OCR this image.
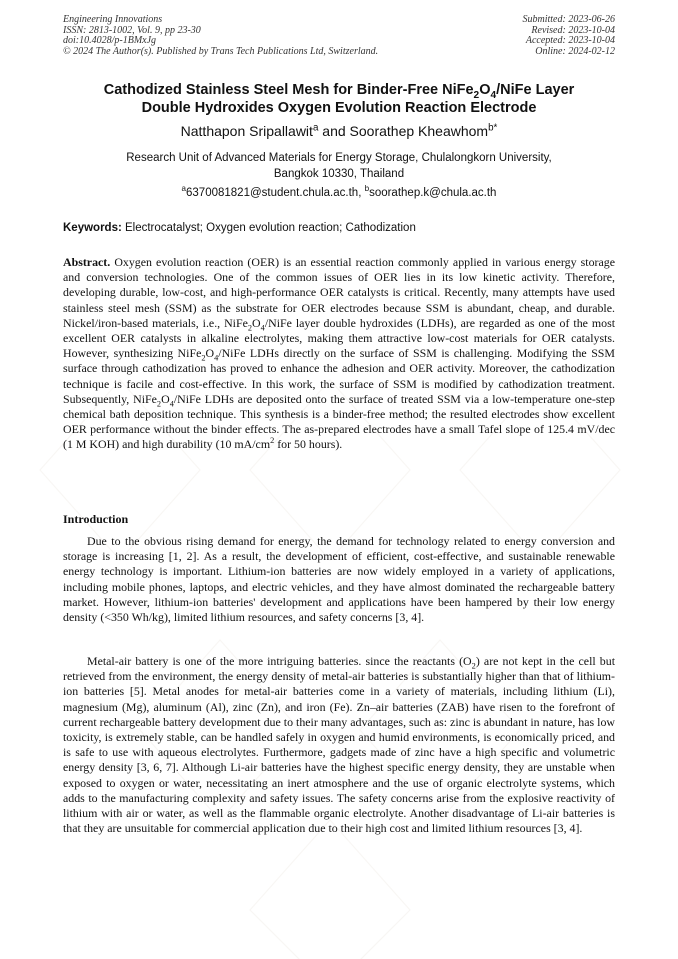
Engineering Innovations
ISSN: 2813-1002, Vol. 9, pp 23-30
doi:10.4028/p-1BMxJg
© 2024 The Author(s). Published by Trans Tech Publications Ltd, Switzerland.
Submitted: 2023-06-26
Revised: 2023-10-04
Accepted: 2023-10-04
Online: 2024-02-12
Cathodized Stainless Steel Mesh for Binder-Free $NiFe_2O_4$/NiFe Layer
Double Hydroxides Oxygen Evolution Reaction Electrode
Natthapon Sripallawit$^a$ and Soorathep Kheawhom$^{b*}$
Research Unit of Advanced Materials for Energy Storage, Chulalongkorn University,
Bangkok 10330, Thailand
$^a$6370081821@student.chula.ac.th, $^b$soorathep.k@chula.ac.th
Keywords: Electrocatalyst; Oxygen evolution reaction; Cathodization
Abstract. Oxygen evolution reaction (OER) is an essential reaction commonly applied in various energy storage and conversion technologies. One of the common issues of OER lies in its low kinetic activity. Therefore, developing durable, low-cost, and high-performance OER catalysts is critical. Recently, many attempts have used stainless steel mesh (SSM) as the substrate for OER electrodes because SSM is abundant, cheap, and durable. Nickel/iron-based materials, i.e., $NiFe_2O_4$/NiFe layer double hydroxides (LDHs), are regarded as one of the most excellent OER catalysts in alkaline electrolytes, making them attractive low-cost materials for OER catalysts. However, synthesizing $NiFe_2O_4$/NiFe LDHs directly on the surface of SSM is challenging. Modifying the SSM surface through cathodization has proved to enhance the adhesion and OER activity. Moreover, the cathodization technique is facile and cost-effective. In this work, the surface of SSM is modified by cathodization treatment. Subsequently, $NiFe_2O_4$/NiFe LDHs are deposited onto the surface of treated SSM via a low-temperature one-step chemical bath deposition technique. This synthesis is a binder-free method; the resulted electrodes show excellent OER performance without the binder effects. The as-prepared electrodes have a small Tafel slope of 125.4 mV/dec (1 M KOH) and high durability (10 $mA/cm^2$ for 50 hours).
Introduction
Due to the obvious rising demand for energy, the demand for technology related to energy conversion and storage is increasing [1, 2]. As a result, the development of efficient, cost-effective, and sustainable renewable energy technology is important. Lithium-ion batteries are now widely employed in a variety of applications, including mobile phones, laptops, and electric vehicles, and they have almost dominated the rechargeable battery market. However, lithium-ion batteries' development and applications have been hampered by their low energy density (<350 Wh/kg), limited lithium resources, and safety concerns [3, 4].
Metal-air battery is one of the more intriguing batteries. since the reactants $(O_2)$ are not kept in the cell but retrieved from the environment, the energy density of metal-air batteries is substantially higher than that of lithium-ion batteries [5]. Metal anodes for metal-air batteries come in a variety of materials, including lithium (Li), magnesium (Mg), aluminum (Al), zinc (Zn), and iron (Fe). Zn–air batteries (ZAB) have risen to the forefront of current rechargeable battery development due to their many advantages, such as: zinc is abundant in nature, has low toxicity, is extremely stable, can be handled safely in oxygen and humid environments, is economically priced, and is safe to use with aqueous electrolytes. Furthermore, gadgets made of zinc have a high specific and volumetric energy density [3, 6, 7]. Although Li-air batteries have the highest specific energy density, they are unstable when exposed to oxygen or water, necessitating an inert atmosphere and the use of organic electrolyte systems, which adds to the manufacturing complexity and safety issues. The safety concerns arise from the explosive reactivity of lithium with air or water, as well as the flammable organic electrolyte. Another disadvantage of Li-air batteries is that they are unsuitable for commercial application due to their high cost and limited lithium resources [3, 4].
